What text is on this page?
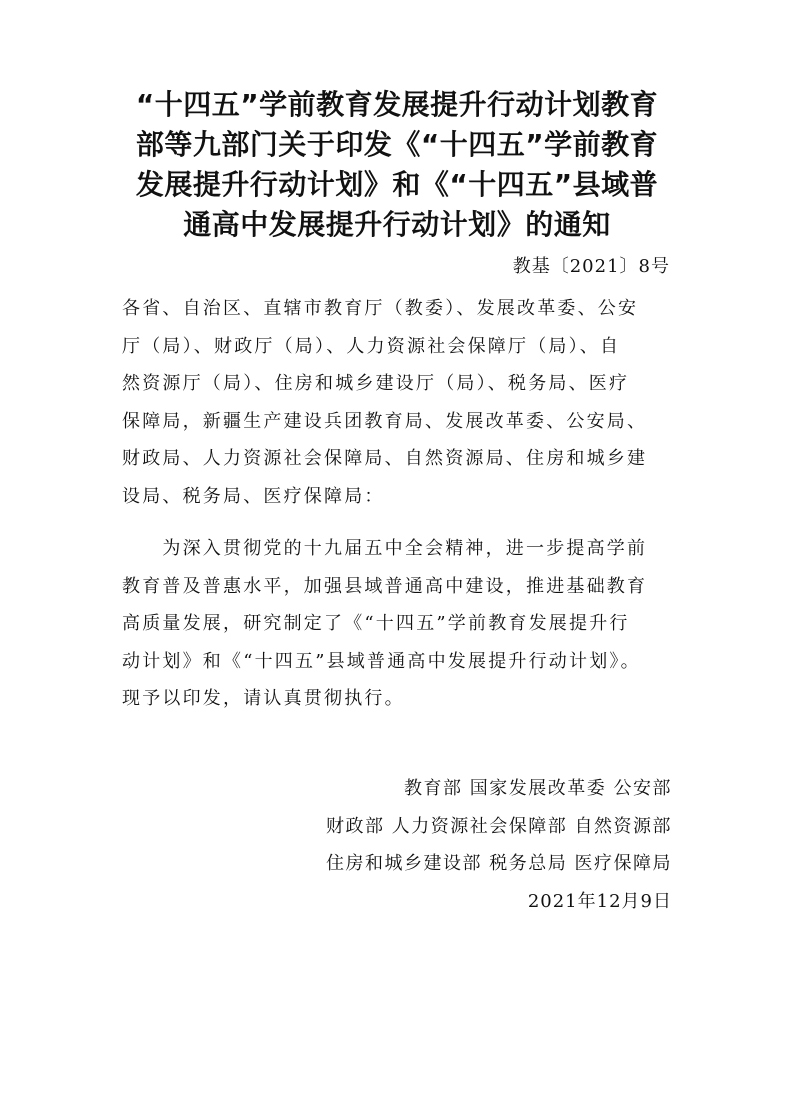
“十四五”学前教育发展提升行动计划教育
部等九部门关于印发《“十四五”学前教育
发展提升行动计划》和《“十四五”县域普
通高中发展提升行动计划》的通知
教基〔2021〕8号
各省、自治区、直辖市教育厅（教委）、发展改革委、公安
厅（局）、财政厅（局）、人力资源社会保障厅（局）、自
然资源厅（局）、住房和城乡建设厅（局）、税务局、医疗
保障局，新疆生产建设兵团教育局、发展改革委、公安局、
财政局、人力资源社会保障局、自然资源局、住房和城乡建
设局、税务局、医疗保障局：
　　为深入贯彻党的十九届五中全会精神，进一步提高学前
教育普及普惠水平，加强县域普通高中建设，推进基础教育
高质量发展，研究制定了《“十四五”学前教育发展提升行
动计划》和《“十四五”县域普通高中发展提升行动计划》。
现予以印发，请认真贯彻执行。
教育部 国家发展改革委 公安部
财政部 人力资源社会保障部 自然资源部
住房和城乡建设部 税务总局 医疗保障局
2021年12月9日
